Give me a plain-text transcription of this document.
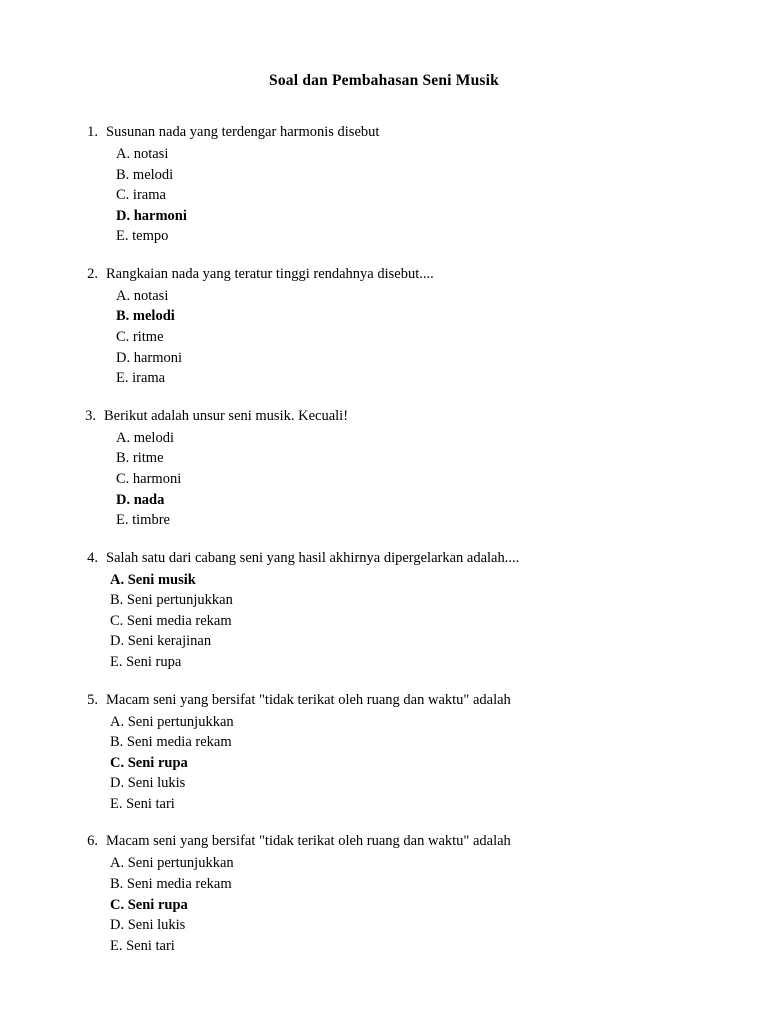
Soal dan Pembahasan Seni Musik
1. Susunan nada yang terdengar harmonis disebut
A. notasi
B. melodi
C. irama
D. harmoni
E. tempo
2. Rangkaian nada yang teratur tinggi rendahnya disebut....
A. notasi
B. melodi
C. ritme
D. harmoni
E. irama
3. Berikut adalah unsur seni musik. Kecuali!
A. melodi
B. ritme
C. harmoni
D. nada
E. timbre
4. Salah satu dari cabang seni yang hasil akhirnya dipergelarkan adalah....
A. Seni musik
B. Seni pertunjukkan
C. Seni media rekam
D. Seni kerajinan
E. Seni rupa
5. Macam seni yang bersifat "tidak terikat oleh ruang dan waktu" adalah
A. Seni pertunjukkan
B. Seni media rekam
C. Seni rupa
D. Seni lukis
E. Seni tari
6. Macam seni yang bersifat "tidak terikat oleh ruang dan waktu" adalah
A. Seni pertunjukkan
B. Seni media rekam
C. Seni rupa
D. Seni lukis
E. Seni tari
